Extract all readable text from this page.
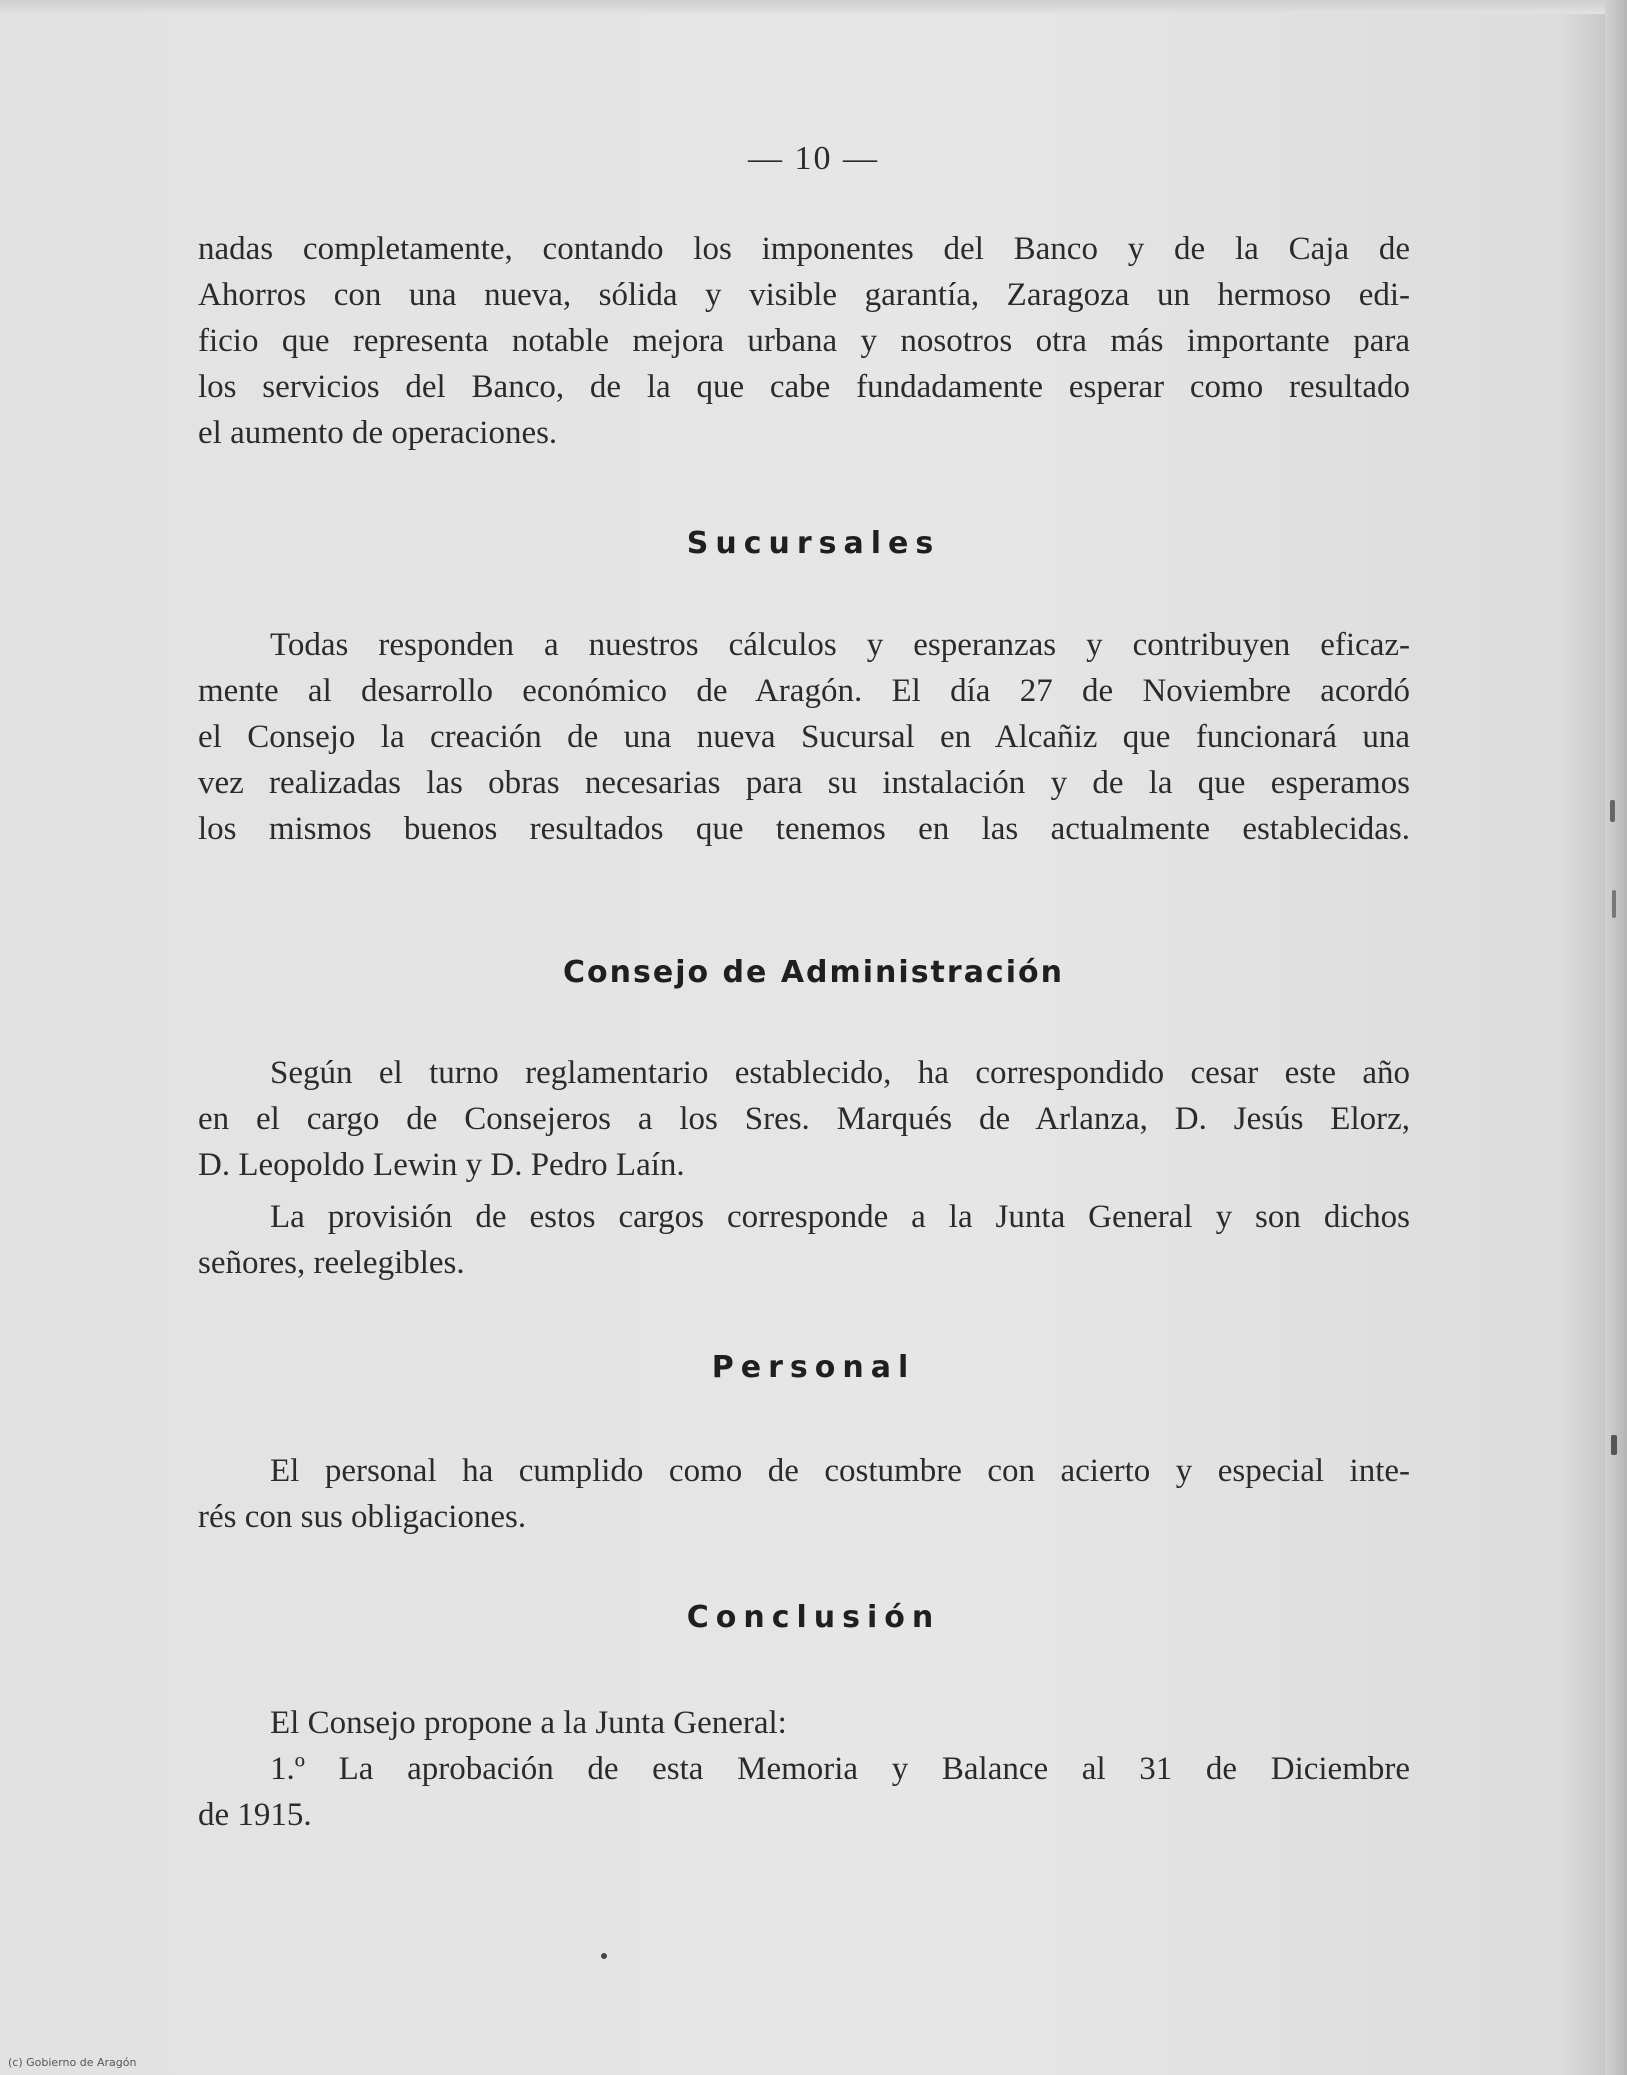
— 10 —
nadas completamente, contando los imponentes del Banco y de la Caja de
Ahorros con una nueva, sólida y visible garantía, Zaragoza un hermoso edi-
ficio que representa notable mejora urbana y nosotros otra más importante para
los servicios del Banco, de la que cabe fundadamente esperar como resultado
el aumento de operaciones.
Sucursales
Todas responden a nuestros cálculos y esperanzas y contribuyen eficaz-
mente al desarrollo económico de Aragón. El día 27 de Noviembre acordó
el Consejo la creación de una nueva Sucursal en Alcañiz que funcionará una
vez realizadas las obras necesarias para su instalación y de la que esperamos
los mismos buenos resultados que tenemos en las actualmente establecidas.
Consejo de Administración
Según el turno reglamentario establecido, ha correspondido cesar este año
en el cargo de Consejeros a los Sres. Marqués de Arlanza, D. Jesús Elorz,
D. Leopoldo Lewin y D. Pedro Laín.
La provisión de estos cargos corresponde a la Junta General y son dichos
señores, reelegibles.
Personal
El personal ha cumplido como de costumbre con acierto y especial inte-
rés con sus obligaciones.
Conclusión
El Consejo propone a la Junta General:
1.º La aprobación de esta Memoria y Balance al 31 de Diciembre
de 1915.
(c) Gobierno de Aragón
